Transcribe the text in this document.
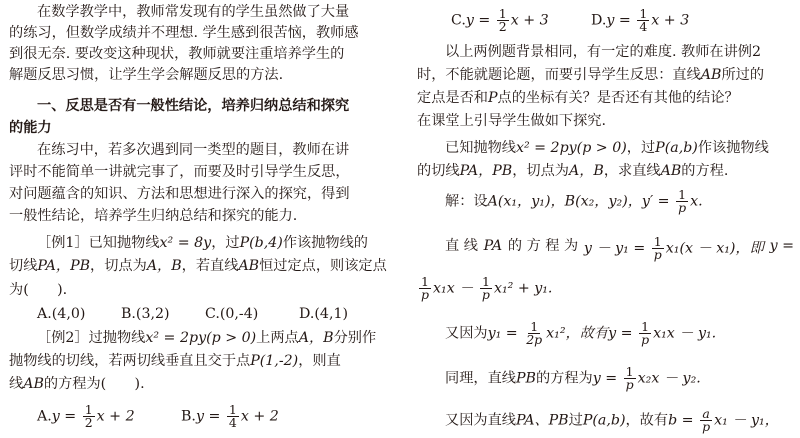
在数学教学中，教师常发现有的学生虽然做了大量
的练习，但数学成绩并不理想. 学生感到很苦恼，教师感
到很无奈. 要改变这种现状，教师就要注重培养学生的
解题反思习惯，让学生学会解题反思的方法.
一、反思是否有一般性结论，培养归纳总结和探究
的能力
在练习中，若多次遇到同一类型的题目，教师在讲
评时不能简单一讲就完事了，而要及时引导学生反思，
对问题蕴含的知识、方法和思想进行深入的探究，得到
一般性结论，培养学生归纳总结和探究的能力.
［例1］已知抛物线x² = 8y，过P(b,4)作该抛物线的
切线PA，PB，切点为A，B，若直线AB恒过定点，则该定点
为(　　).
A.(4,0)	B.(3,2) C.(0,-4)	D.(4,1)
［例2］过抛物线x² = 2py(p > 0)上两点A，B分别作
抛物线的切线，若两切线垂直且交于点P(1,-2)，则直
线AB的方程为(　　).
$A.y = \frac{1}{2}$ x + 2	$B.y = \frac{1}{4}$ x + 2
$C.y = \frac{1}{2}$ x + 3	$D.y = \frac{1}{4}$ x + 3
以上两例题背景相同，有一定的难度. 教师在讲例2
时，不能就题论题，而要引导学生反思：直线AB所过的
定点是否和P点的坐标有关？是否还有其他的结论？
在课堂上引导学生做如下探究.
已知抛物线x² = 2py(p > 0)，过P(a,b)作该抛物线
的切线PA，PB，切点为A，B，求直线AB的方程.
解：设A(x₁，y₁)，B(x₂，y₂)，$y' = \frac{1}{p} x$.
直 线 PA 的 方 程 为 $y - y_1 = \frac{1}{p} x_1(x - x_1)$，即 y =
$\frac{1}{p} x_1x - \frac{1}{p} x_1^2 + y_1$.
又因为$y_1 = \frac{1}{2p} x_1^2$，故有$y = \frac{1}{p} x_1x - y_1$.
同理，直线PB的方程为$y = \frac{1}{p} x_2x - y_2$.
又因为直线PA、PB过P(a,b)，故有$b = \frac{a}{p} x_1 - y_1$，
